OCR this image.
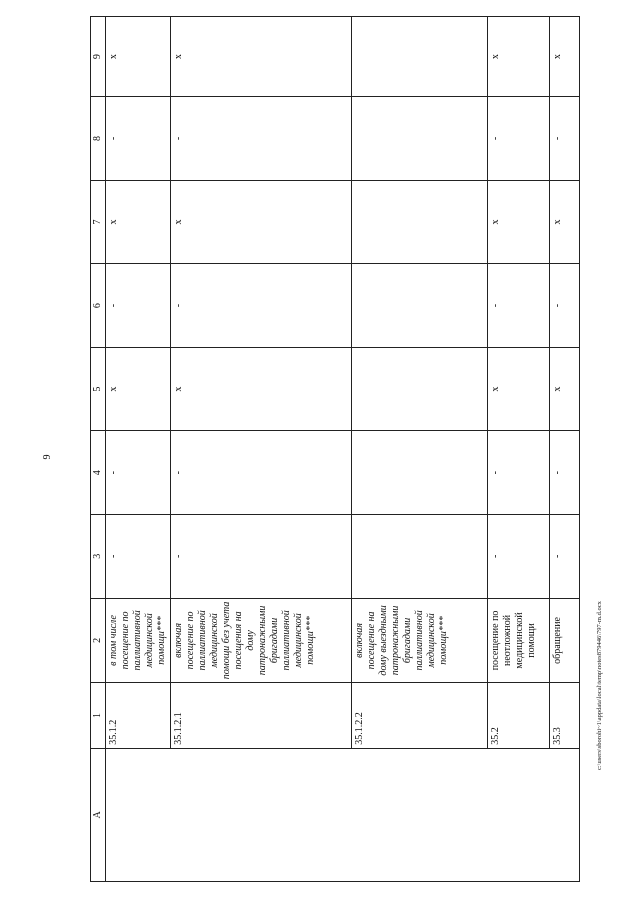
9
А	1	2	3	4	5	6	7	8	9
	35.1.2	в том числе посещение по паллиативной медицинской помощи***	-	-	х	-	х	-	х
	35.1.2.1	включая посещение по паллиативной медицинской помощи без учета посещения на дому патронажными бригадами паллиативной медицинской помощи***	-	-	х	-	х	-	х
	35.1.2.2	включая посещение на дому выездными патронажными бригадами паллиативной медицинской помощи***							
	35.2	посещение по неотложной медицинской помощи	-	-	х	-	х	-	х
	35.3	обращение	-	-	х	-	х	-	х
c:\users\sborohi~1\appdata\local\temp\notes879446\797-m.d.ocx
